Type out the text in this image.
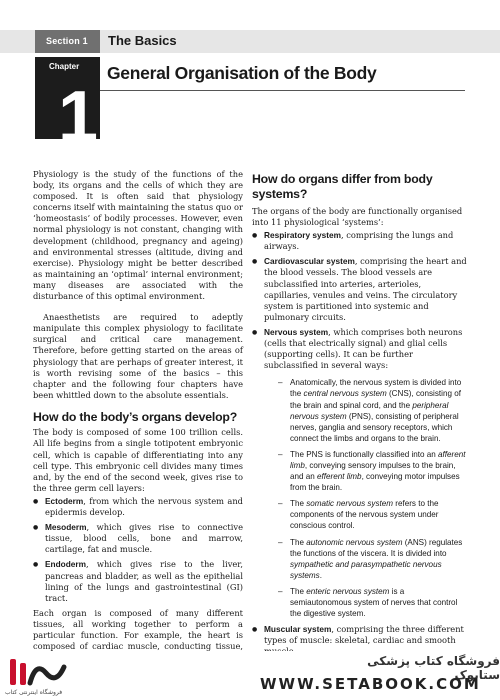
Section 1 The Basics
Chapter
1
General Organisation of the Body

Physiology is the study of the functions of the body, its organs and the cells of which they are composed. It is often said that physiology concerns itself with maintaining the status quo or ‘homeostasis’ of bodily processes. However, even normal physiology is not constant, changing with development (childhood, pregnancy and ageing) and environmental stresses (altitude, diving and exercise). Physiology might be better described as maintaining an ‘optimal’ internal environment; many diseases are associated with the disturbance of this optimal environment.

Anaesthetists are required to adeptly manipulate this complex physiology to facilitate surgical and critical care management. Therefore, before getting started on the areas of physiology that are perhaps of greater interest, it is worth revising some of the basics – this chapter and the following four chapters have been whittled down to the absolute essentials.

How do the body’s organs develop?

The body is composed of some 100 trillion cells. All life begins from a single totipotent embryonic cell, which is capable of differentiating into any cell type. This embryonic cell divides many times and, by the end of the second week, gives rise to the three germ cell layers:

● Ectoderm, from which the nervous system and epidermis develop.
● Mesoderm, which gives rise to connective tissue, blood cells, bone and marrow, cartilage, fat and muscle.
● Endoderm, which gives rise to the liver, pancreas and bladder, as well as the epithelial lining of the lungs and gastrointestinal (GI) tract.

Each organ is composed of many different tissues, all working together to perform a particular function. For example, the heart is composed of cardiac muscle, conducting tissue,

How do organs differ from body systems?

The organs of the body are functionally organised into 11 physiological ‘systems’:

● Respiratory system, comprising the lungs and airways.
● Cardiovascular system, comprising the heart and the blood vessels. The blood vessels are subclassified into arteries, arterioles, capillaries, venules and veins. The circulatory system is partitioned into systemic and pulmonary circuits.
● Nervous system, which comprises both neurons (cells that electrically signal) and glial cells (supporting cells). It can be further subclassified in several ways:
– Anatomically, the nervous system is divided into the central nervous system (CNS), consisting of the brain and spinal cord, and the peripheral nervous system (PNS), consisting of peripheral nerves, ganglia and sensory receptors, which connect the limbs and organs to the brain.
– The PNS is functionally classified into an afferent limb, conveying sensory impulses to the brain, and an efferent limb, conveying motor impulses from the brain.
– The somatic nervous system refers to the components of the nervous system under conscious control.
– The autonomic nervous system (ANS) regulates the functions of the viscera. It is divided into sympathetic and parasympathetic nervous systems.
– The enteric nervous system is a semiautonomous system of nerves that control the digestive system.
● Muscular system, comprising the three different types of muscle: skeletal, cardiac and smooth
فروشگاه اینترنتی کتاب
فروشگاه کتاب پزشکی ستابوک
WWW.SETABOOK.COM
